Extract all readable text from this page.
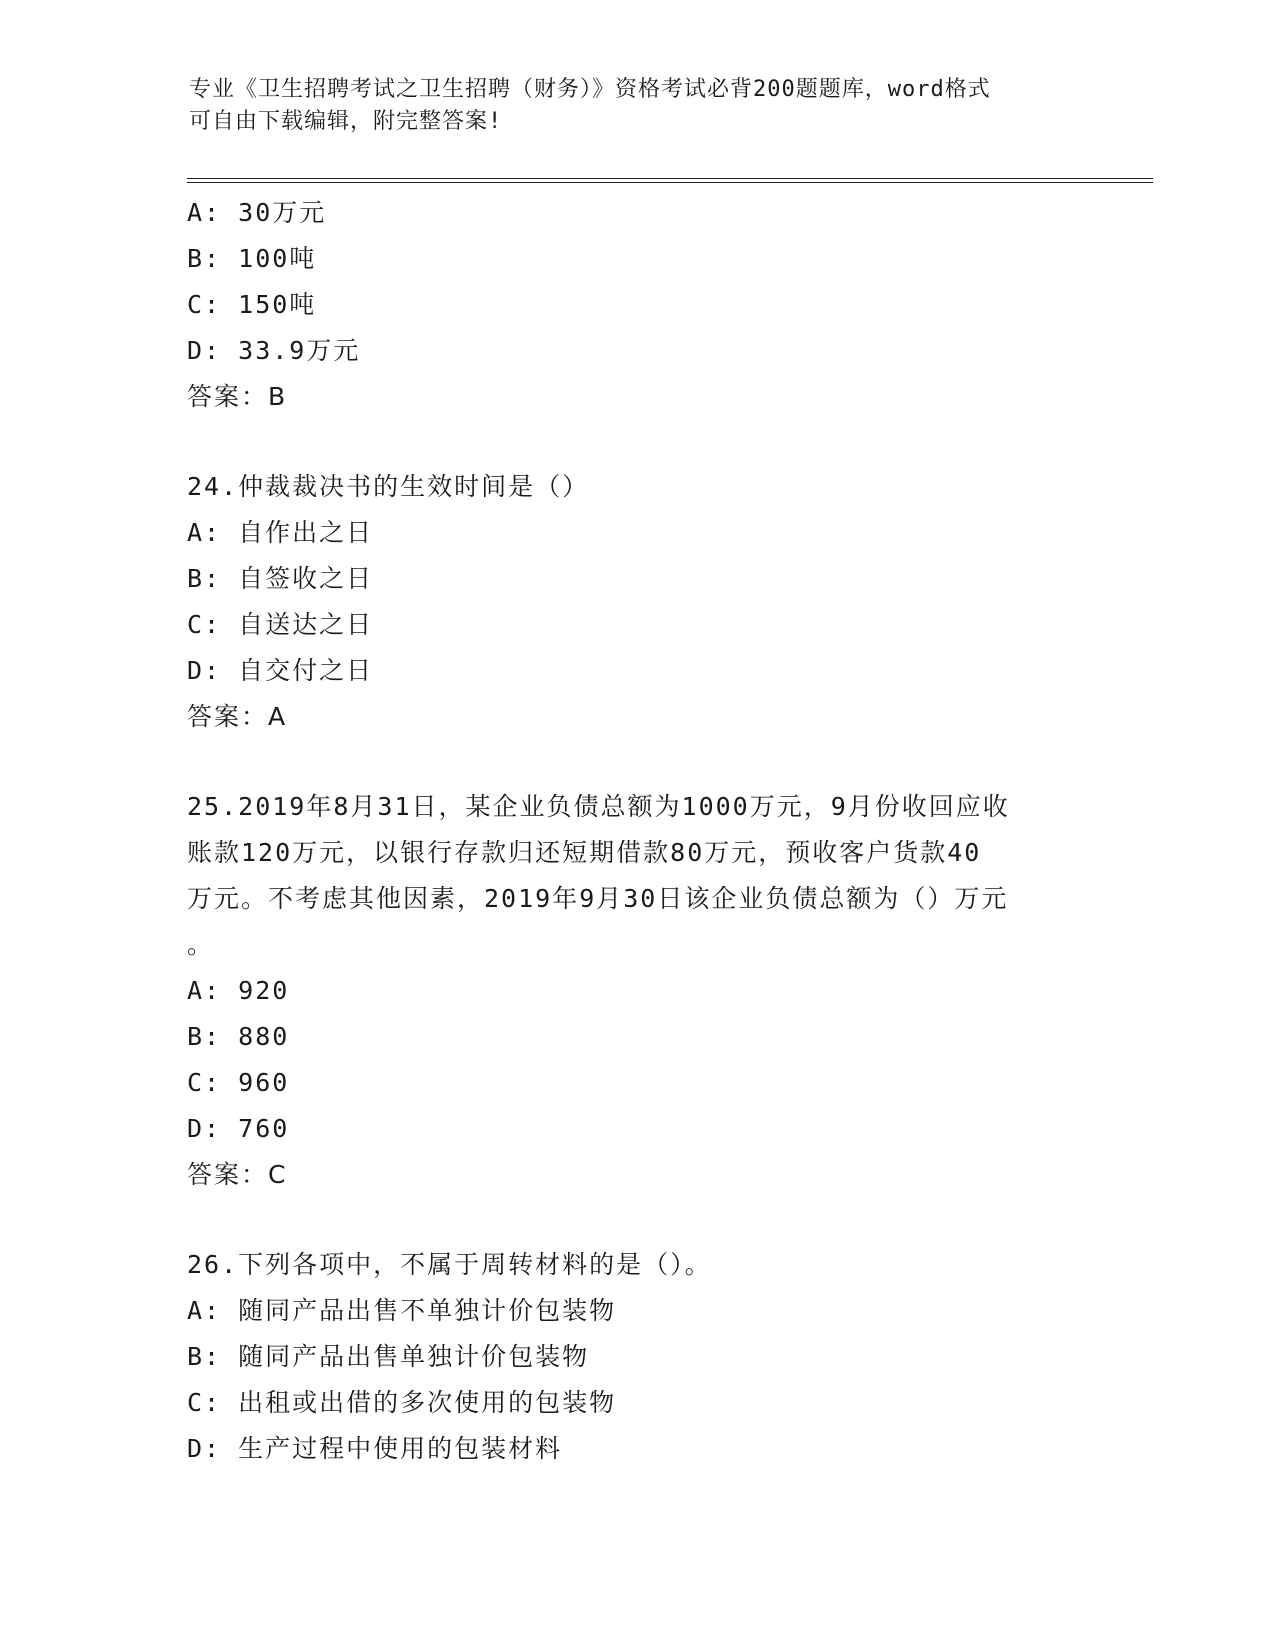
专业《卫生招聘考试之卫生招聘（财务）》资格考试必背200题题库，word格式
可自由下载编辑，附完整答案!
A: 30万元
B: 100吨
C: 150吨
D: 33.9万元
答案：B
24.仲裁裁决书的生效时间是（）
A: 自作出之日
B: 自签收之日
C: 自送达之日
D: 自交付之日
答案：A
25.2019年8月31日，某企业负债总额为1000万元，9月份收回应收
账款120万元，以银行存款归还短期借款80万元，预收客户货款40
万元。不考虑其他因素，2019年9月30日该企业负债总额为（）万元
。
A: 920
B: 880
C: 960
D: 760
答案：C
26.下列各项中，不属于周转材料的是（）。
A: 随同产品出售不单独计价包装物
B: 随同产品出售单独计价包装物
C: 出租或出借的多次使用的包装物
D: 生产过程中使用的包装材料
